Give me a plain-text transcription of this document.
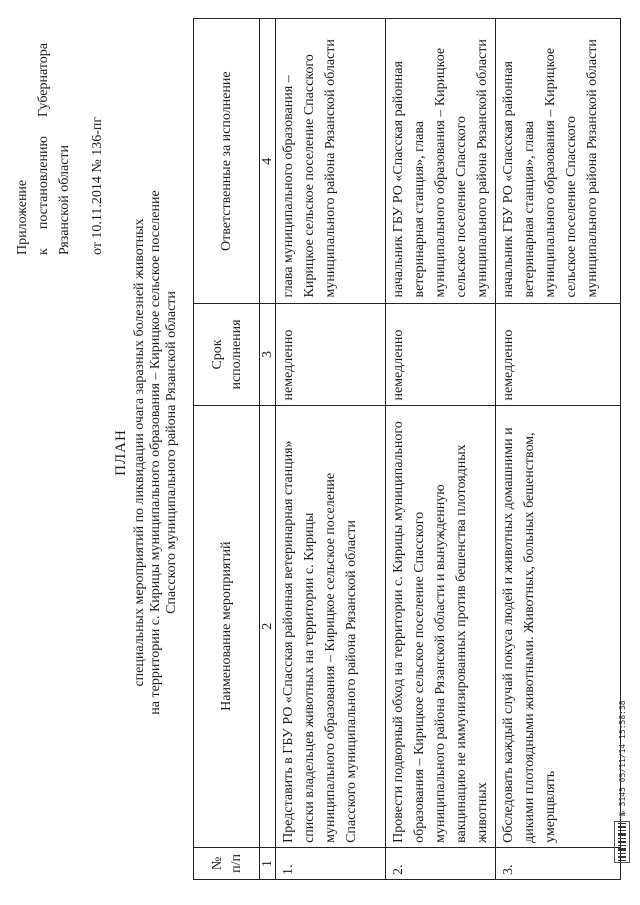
Приложение к
постановлению
Губернатора
Рязанской области от 10.11.2014 № 136-пг
ПЛАН специальных мероприятий по ликвидации очага заразных болезней животных на территории с. Кирицы муниципального образования – Кирицкое сельское поселение Спасского муниципального района Рязанской области
№ п/п	Наименование мероприятий	Срок исполнения	Ответственные за исполнение
1	2	3	4
1.	Представить в ГБУ РО «Спасская районная ветеринарная станция» списки владельцев животных на территории с. Кирицы муниципального образования – Кирицкое сельское поселение Спасского муниципального района Рязанской области	немедленно	глава муниципального образования – Кирицкое сельское поселение Спасского муниципального района Рязанской области
2.	Провести подворный обход на территории с. Кирицы муниципального образования – Кирицкое сельское поселение Спасского муниципального района Рязанской области и вынужденную вакцинацию не иммунизированных против бешенства плотоядных животных	немедленно	начальник ГБУ РО «Спасская районная ветеринарная станция», глава муниципального образования – Кирицкое сельское поселение Спасского муниципального района Рязанской области
3.	Обследовать каждый случай покуса людей и животных домашними и дикими плотоядными животными. Животных, больных бешенством, умерщвлять	немедленно	начальник ГБУ РО «Спасская районная ветеринарная станция», глава муниципального образования – Кирицкое сельское поселение Спасского муниципального района Рязанской области
№ 3145 05/11/14 15:58:38
